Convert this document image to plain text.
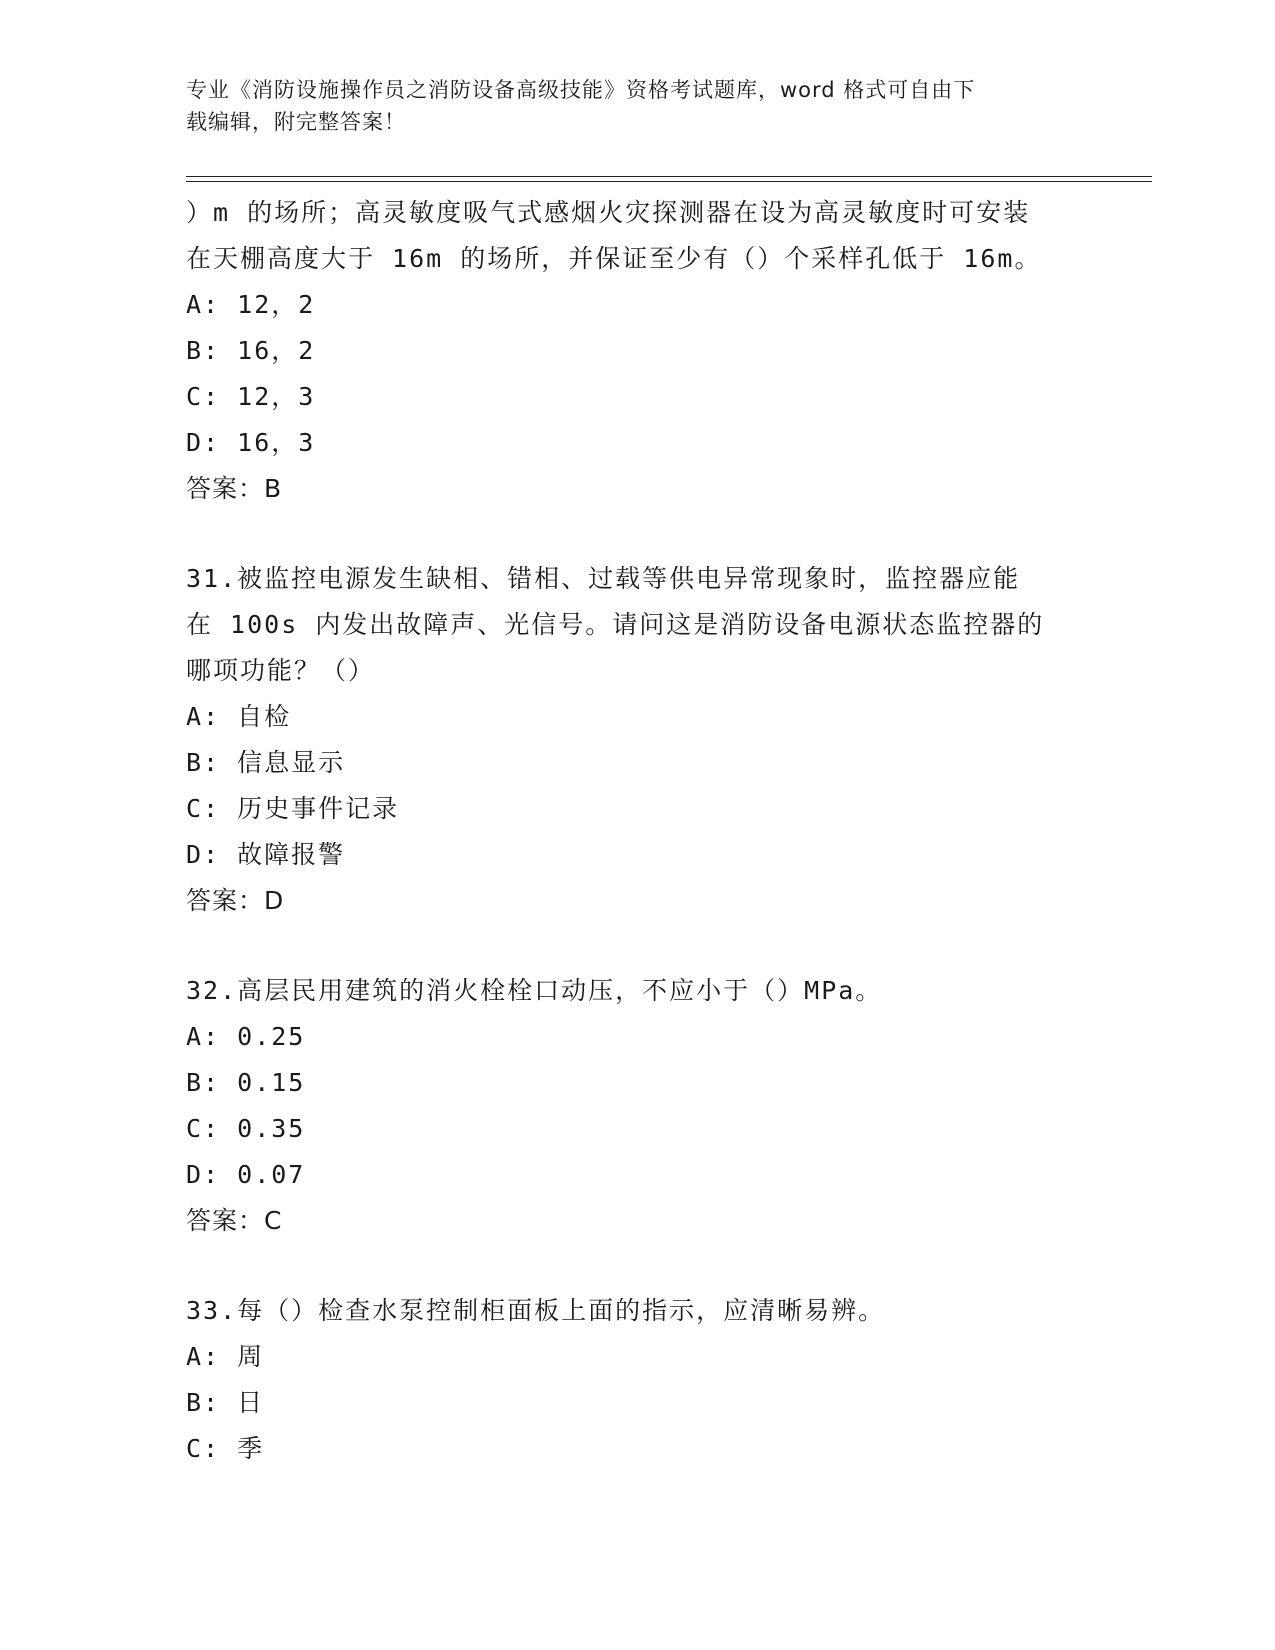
专业《消防设施操作员之消防设备高级技能》资格考试题库，word 格式可自由下
载编辑，附完整答案！
）m 的场所；高灵敏度吸气式感烟火灾探测器在设为高灵敏度时可安装
在天棚高度大于 16m 的场所，并保证至少有（）个采样孔低于 16m。
A: 12，2
B: 16，2
C: 12，3
D: 16，3
答案：B
31.被监控电源发生缺相、错相、过载等供电异常现象时，监控器应能
在 100s 内发出故障声、光信号。请问这是消防设备电源状态监控器的
哪项功能？（）
A: 自检
B: 信息显示
C: 历史事件记录
D: 故障报警
答案：D
32.高层民用建筑的消火栓栓口动压，不应小于（）MPa。
A: 0.25
B: 0.15
C: 0.35
D: 0.07
答案：C
33.每（）检查水泵控制柜面板上面的指示，应清晰易辨。
A: 周
B: 日
C: 季
